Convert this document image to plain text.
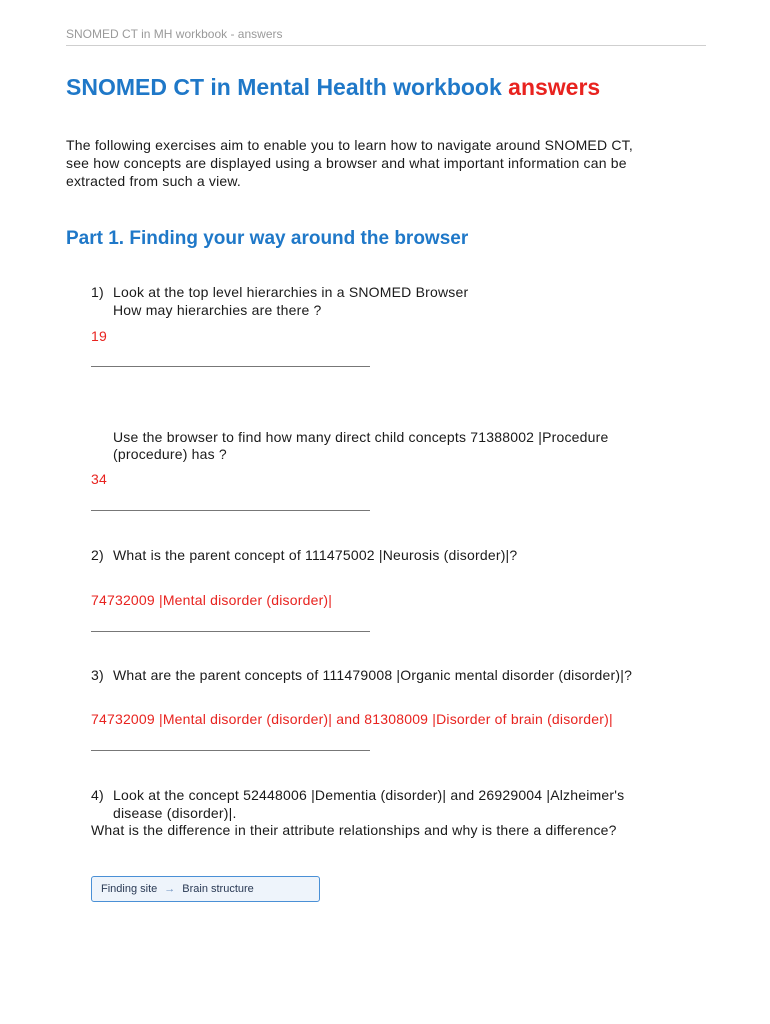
SNOMED CT in MH workbook - answers
SNOMED CT in Mental Health workbook answers
The following exercises aim to enable you to learn how to navigate around SNOMED CT,
see how concepts are displayed using a browser and what important information can be
extracted from such a view.
Part 1. Finding your way around the browser
1) Look at the top level hierarchies in a SNOMED Browser
How may hierarchies are there ?
19
Use the browser to find how many direct child concepts 71388002 |Procedure
(procedure) has ?
34
2) What is the parent concept of 111475002 |Neurosis (disorder)|?
74732009 |Mental disorder (disorder)|
3) What are the parent concepts of 111479008 |Organic mental disorder (disorder)|?
74732009 |Mental disorder (disorder)| and 81308009 |Disorder of brain (disorder)|
4) Look at the concept 52448006 |Dementia (disorder)| and 26929004 |Alzheimer's
disease (disorder)|.
What is the difference in their attribute relationships and why is there a difference?
Finding site → Brain structure
